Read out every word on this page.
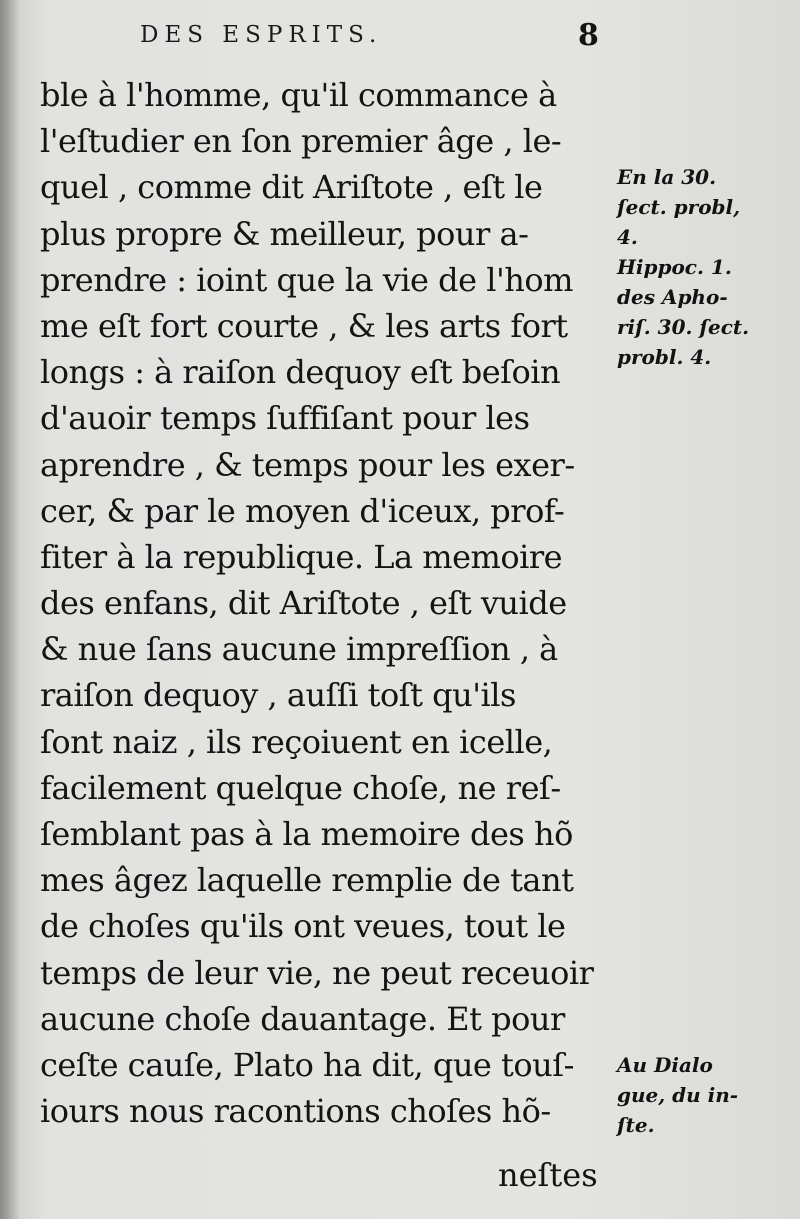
DES ESPRITS.	8
ble à l'homme, qu'il commance à
l'eſtudier en ſon premier âge , le-
quel , comme dit Ariſtote , eſt le
plus propre & meilleur, pour a-
prendre : ioint que la vie de l'hom
me eſt fort courte , & les arts fort
longs : à raiſon dequoy eſt beſoin
d'auoir temps ſuffiſant pour les
aprendre , & temps pour les exer-
cer, & par le moyen d'iceux, prof-
fiter à la republique. La memoire
des enfans, dit Ariſtote , eſt vuide
& nue ſans aucune impreſſion , à
raiſon dequoy , auſſi toſt qu'ils
ſont naiz , ils reçoiuent en icelle,
facilement quelque choſe, ne reſ-
ſemblant pas à la memoire des hõ
mes âgez laquelle remplie de tant
de choſes qu'ils ont veues, tout le
temps de leur vie, ne peut receuoir
aucune choſe dauantage. Et pour
ceſte cauſe, Plato ha dit, que touſ-
iours nous racontions choſes hõ-
neſtes
En la 30.
ſect. probl,
4.
Hippoc. 1.
des Apho-
riſ. 30. ſect.
probl. 4.
Au Dialo
gue, du in-
ſte.
